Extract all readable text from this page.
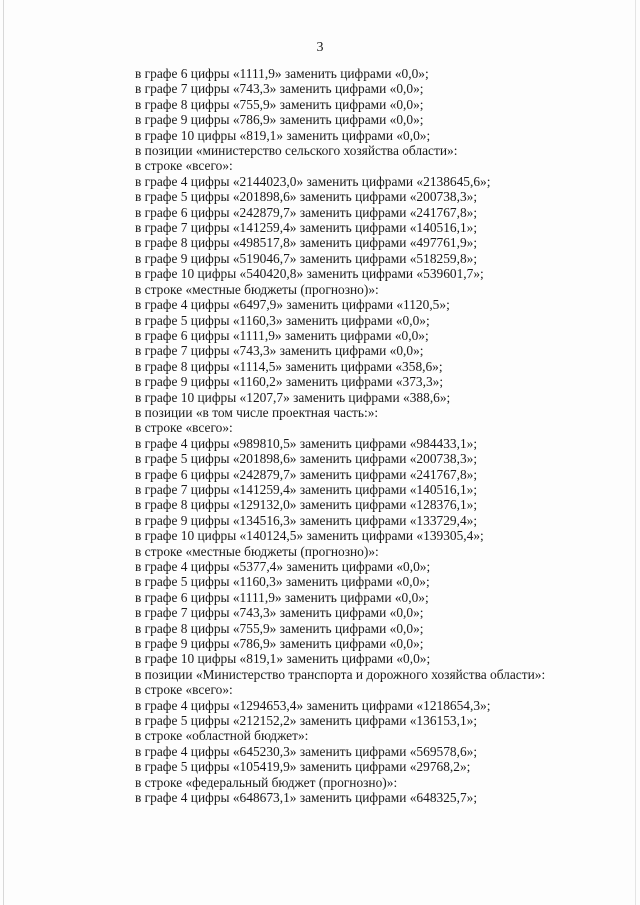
3
в графе 6 цифры «1111,9» заменить цифрами «0,0»;
в графе 7 цифры «743,3» заменить цифрами «0,0»;
в графе 8 цифры «755,9» заменить цифрами «0,0»;
в графе 9 цифры «786,9» заменить цифрами «0,0»;
в графе 10 цифры «819,1» заменить цифрами «0,0»;
в позиции «министерство сельского хозяйства области»:
в строке «всего»:
в графе 4 цифры «2144023,0» заменить цифрами «2138645,6»;
в графе 5 цифры «201898,6» заменить цифрами «200738,3»;
в графе 6 цифры «242879,7» заменить цифрами «241767,8»;
в графе 7 цифры «141259,4» заменить цифрами «140516,1»;
в графе 8 цифры «498517,8» заменить цифрами «497761,9»;
в графе 9 цифры «519046,7» заменить цифрами «518259,8»;
в графе 10 цифры «540420,8» заменить цифрами «539601,7»;
в строке «местные бюджеты (прогнозно)»:
в графе 4 цифры «6497,9» заменить цифрами «1120,5»;
в графе 5 цифры «1160,3» заменить цифрами «0,0»;
в графе 6 цифры «1111,9» заменить цифрами «0,0»;
в графе 7 цифры «743,3» заменить цифрами «0,0»;
в графе 8 цифры «1114,5» заменить цифрами «358,6»;
в графе 9 цифры «1160,2» заменить цифрами «373,3»;
в графе 10 цифры «1207,7» заменить цифрами «388,6»;
в позиции «в том числе проектная часть:»:
в строке «всего»:
в графе 4 цифры «989810,5» заменить цифрами «984433,1»;
в графе 5 цифры «201898,6» заменить цифрами «200738,3»;
в графе 6 цифры «242879,7» заменить цифрами «241767,8»;
в графе 7 цифры «141259,4» заменить цифрами «140516,1»;
в графе 8 цифры «129132,0» заменить цифрами «128376,1»;
в графе 9 цифры «134516,3» заменить цифрами «133729,4»;
в графе 10 цифры «140124,5» заменить цифрами «139305,4»;
в строке «местные бюджеты (прогнозно)»:
в графе 4 цифры «5377,4» заменить цифрами «0,0»;
в графе 5 цифры «1160,3» заменить цифрами «0,0»;
в графе 6 цифры «1111,9» заменить цифрами «0,0»;
в графе 7 цифры «743,3» заменить цифрами «0,0»;
в графе 8 цифры «755,9» заменить цифрами «0,0»;
в графе 9 цифры «786,9» заменить цифрами «0,0»;
в графе 10 цифры «819,1» заменить цифрами «0,0»;
в позиции «Министерство транспорта и дорожного хозяйства области»:
в строке «всего»:
в графе 4 цифры «1294653,4» заменить цифрами «1218654,3»;
в графе 5 цифры «212152,2» заменить цифрами «136153,1»;
в строке «областной бюджет»:
в графе 4 цифры «645230,3» заменить цифрами «569578,6»;
в графе 5 цифры «105419,9» заменить цифрами «29768,2»;
в строке «федеральный бюджет (прогнозно)»:
в графе 4 цифры «648673,1» заменить цифрами «648325,7»;
